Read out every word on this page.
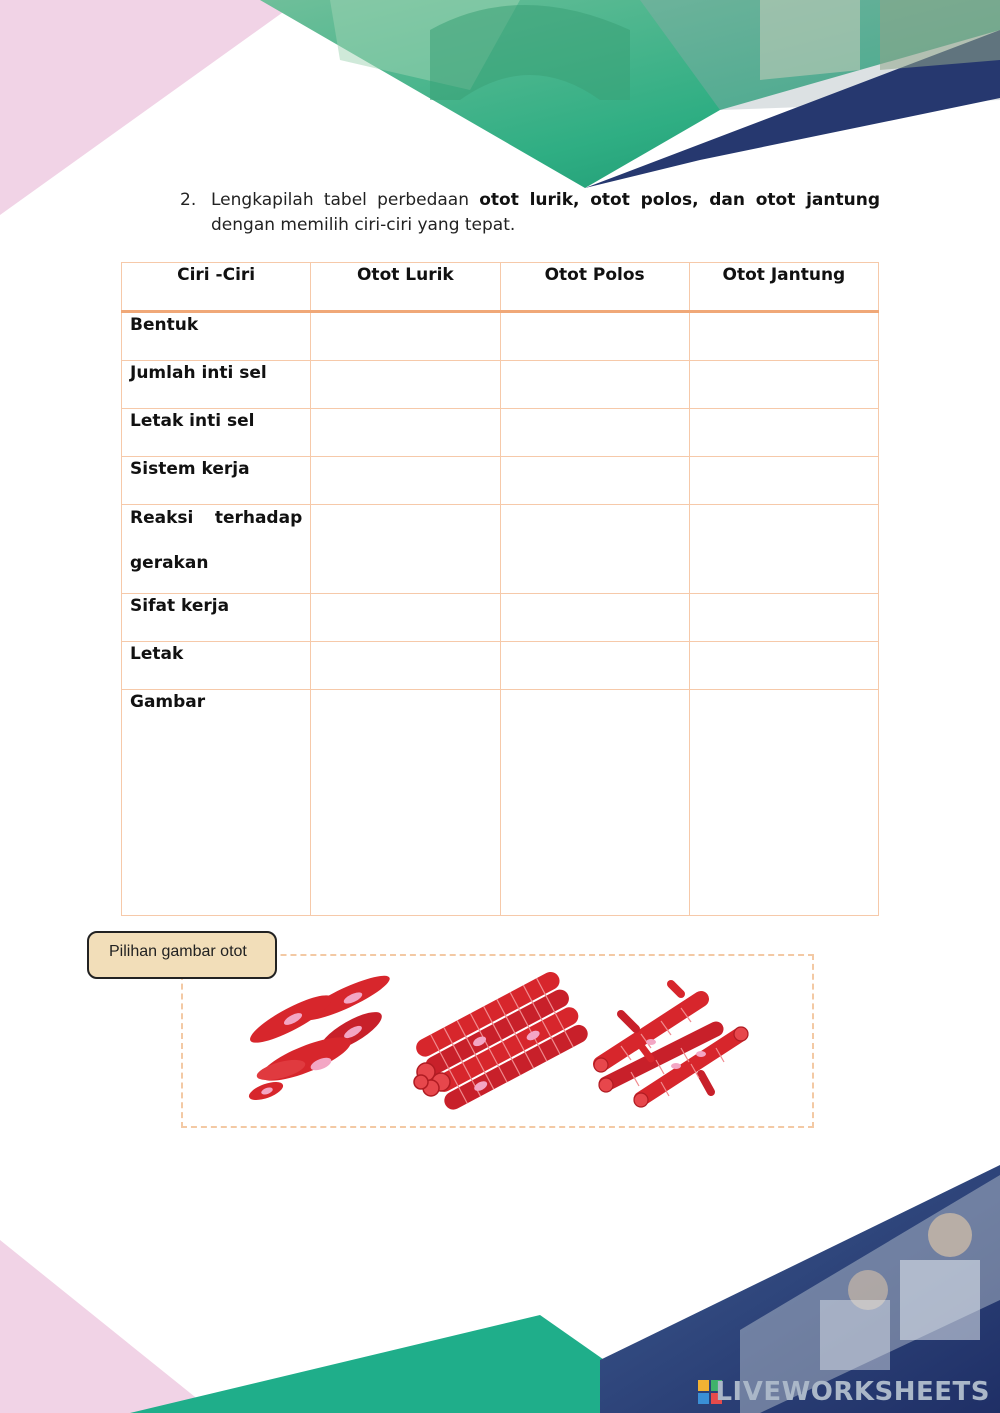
2. Lengkapilah tabel perbedaan otot lurik, otot polos, dan otot jantung dengan memilih ciri-ciri yang tepat.
Ciri -Ciri	Otot Lurik	Otot Polos	Otot Jantung
Bentuk			
Jumlah inti sel			
Letak inti sel			
Sistem kerja			

Reaksi terhadap
gerakan			

Sifat kerja			
Letak			
Gambar			
Pilihan gambar otot
LIVEWORKSHEETS
